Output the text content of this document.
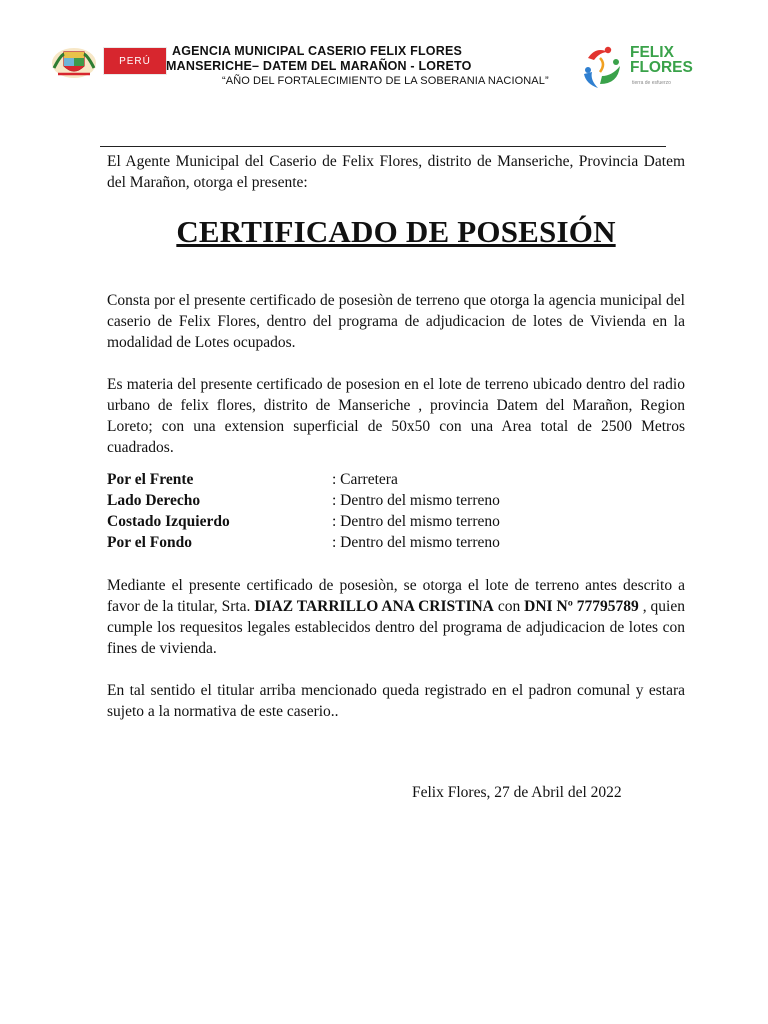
PERÚ
AGENCIA MUNICIPAL CASERIO FELIX FLORES
MANSERICHE– DATEM DEL MARAÑON - LORETO
“AÑO DEL FORTALECIMIENTO DE LA SOBERANIA NACIONAL”
FELIX
FLORES
tierra de esfuerzo
El Agente Municipal del Caserio de Felix Flores, distrito de Manseriche, Provincia Datem del Marañon, otorga el presente:
CERTIFICADO DE POSESIÓN
Consta por el presente certificado de posesiòn de terreno que otorga la agencia municipal del caserio de Felix Flores, dentro del programa de adjudicacion de lotes de Vivienda en la modalidad de Lotes ocupados.
Es materia del presente certificado de posesion en el lote de terreno ubicado dentro del radio urbano de felix flores, distrito de Manseriche , provincia Datem del Marañon, Region Loreto; con una extension superficial de 50x50 con una Area total de 2500 Metros cuadrados.
Por el Frente	: Carretera
Lado Derecho	: Dentro del mismo terreno
Costado Izquierdo	: Dentro del mismo terreno
Por el Fondo	: Dentro del mismo terreno
Mediante el presente certificado de posesiòn, se otorga el lote de terreno antes descrito a favor de la titular, Srta. DIAZ TARRILLO ANA CRISTINA con DNI Nº 77795789 , quien cumple los requesitos legales establecidos dentro del programa de adjudicacion de lotes con fines de vivienda.
En tal sentido el titular arriba mencionado queda registrado en el padron comunal y estara sujeto a la normativa de este caserio..
Felix Flores, 27 de Abril del 2022
